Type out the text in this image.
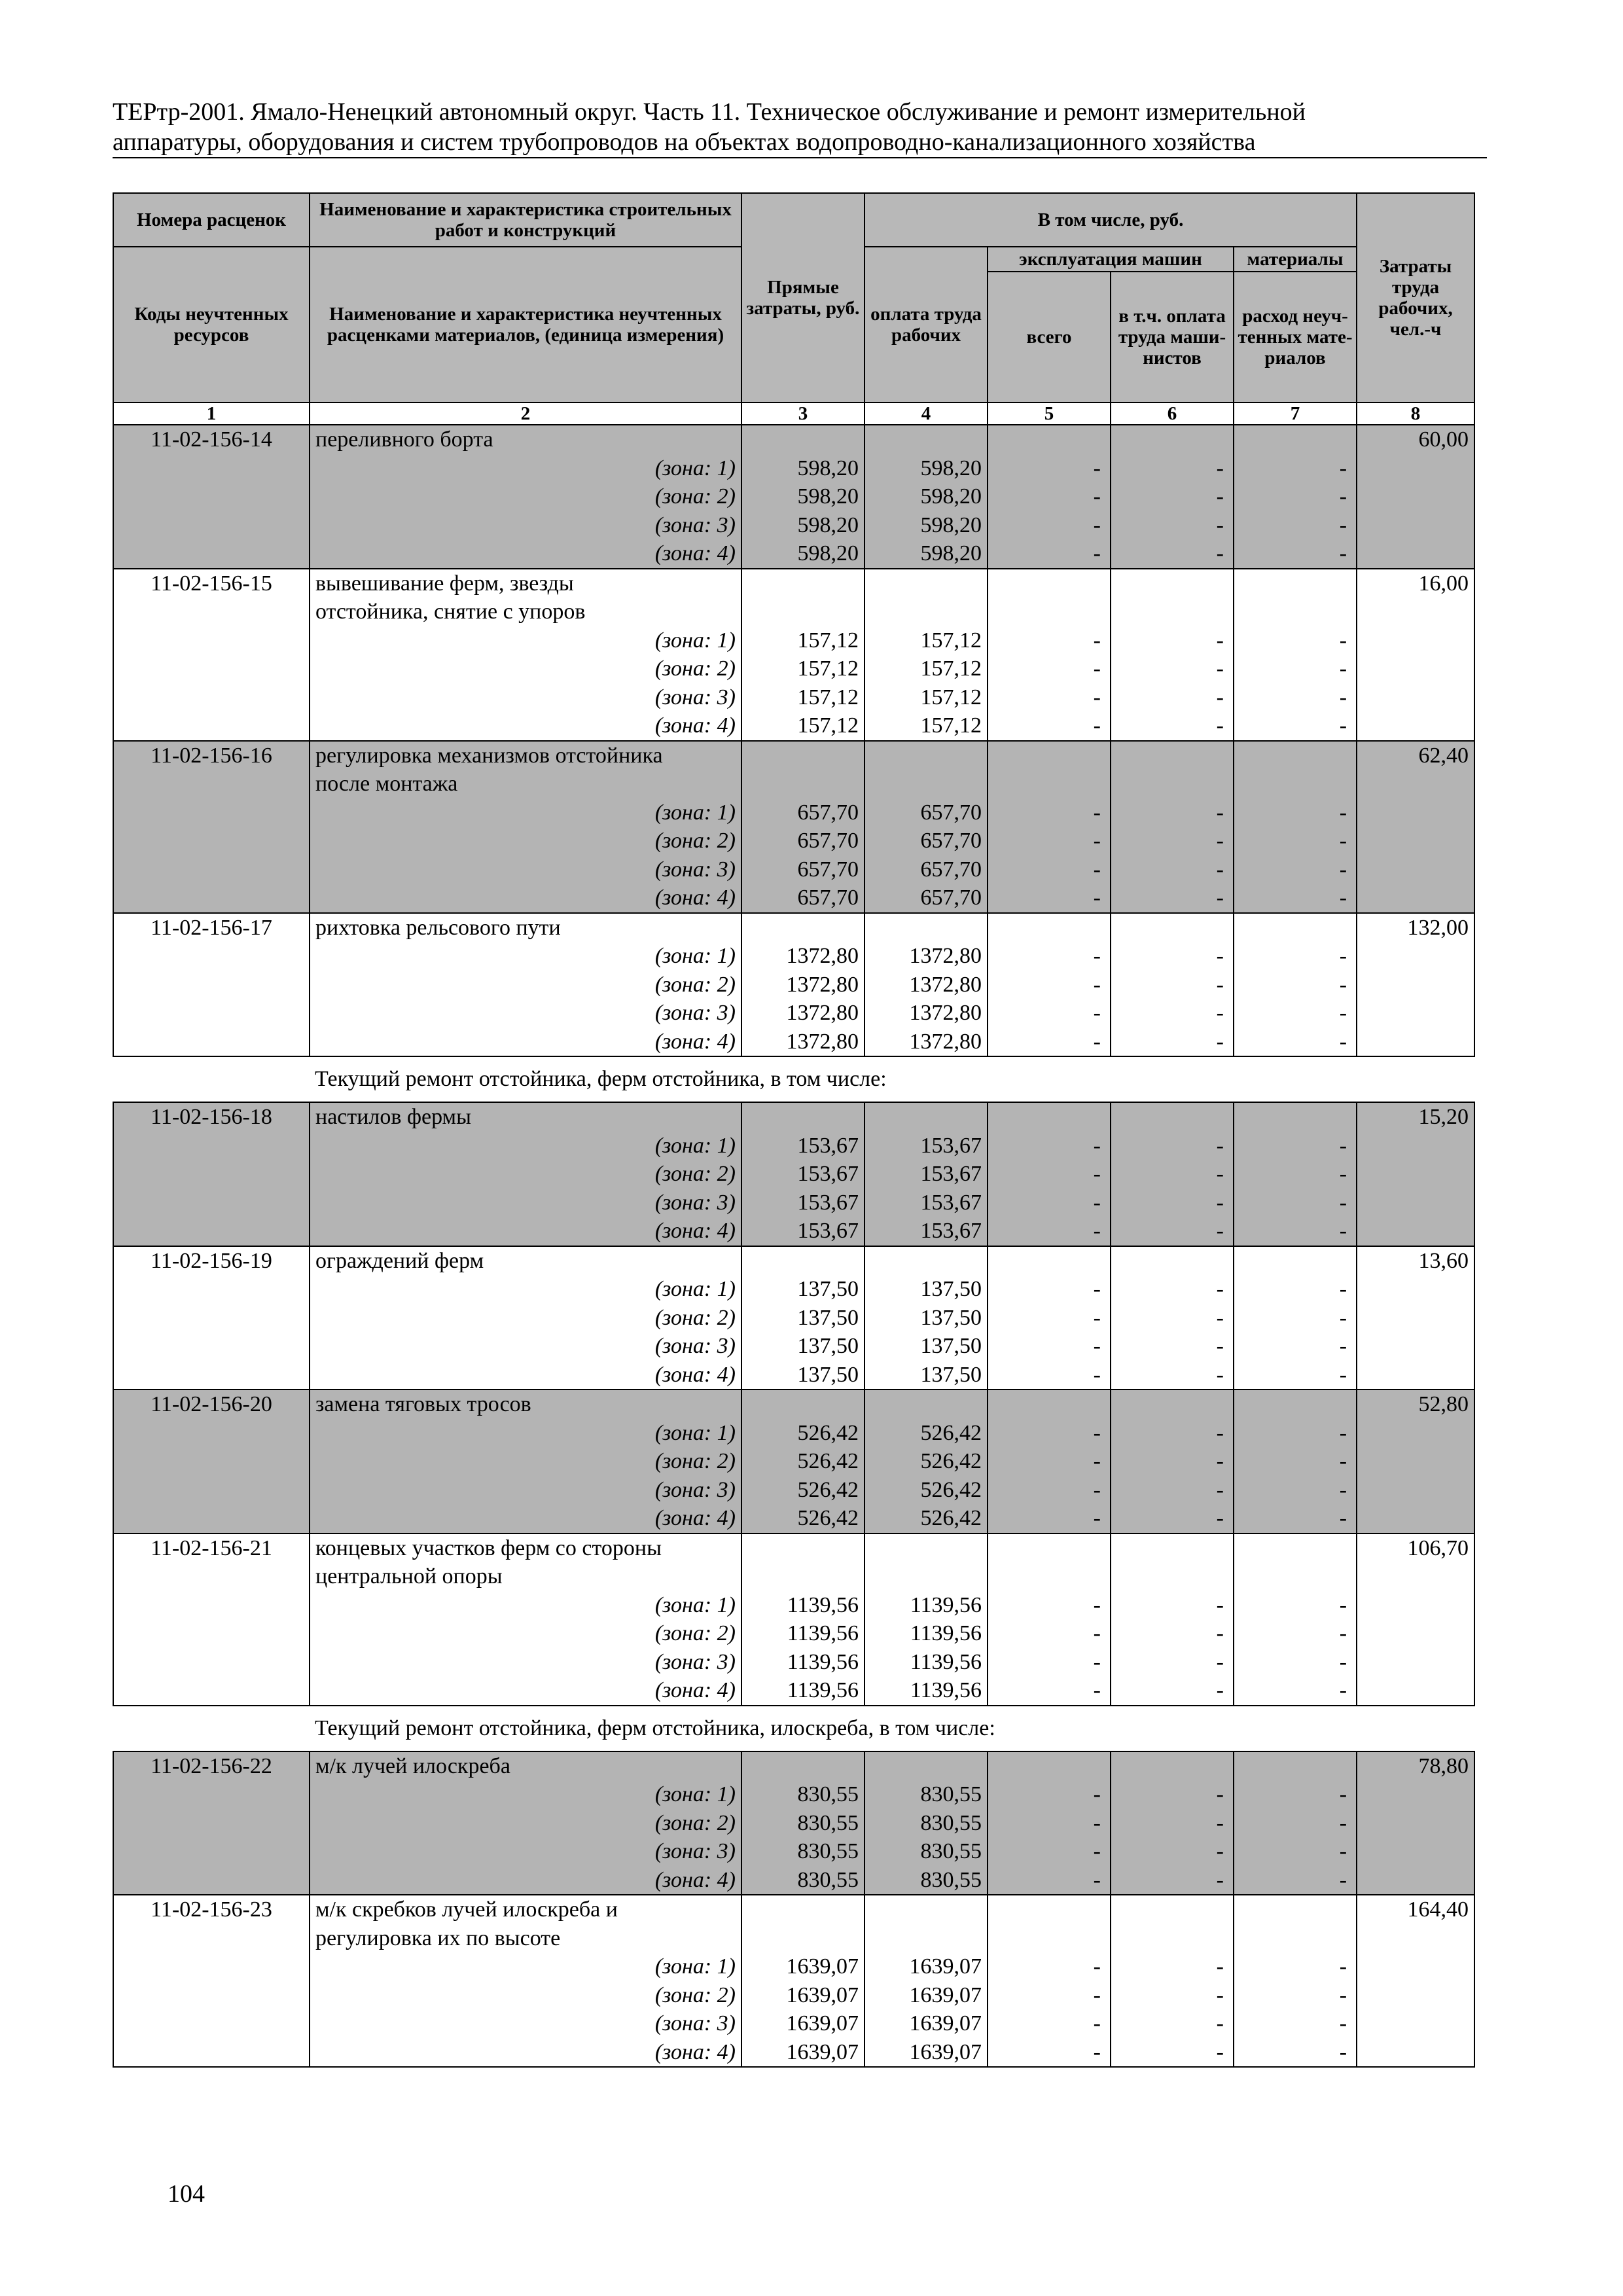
ТЕРтр-2001. Ямало-Ненецкий автономный округ. Часть 11. Техническое обслуживание и ремонт измерительной
аппаратуры, оборудования и систем трубопроводов на объектах водопроводно-канализационного хозяйства
Номера расценок	Наименование и характеристика строительных работ и конструкций	Прямые затраты, руб.	В том числе, руб.				Затраты труда рабочих, чел.-ч
Коды неучтенных ресурсов	Наименование и характеристика неучтенных расценками материалов, (единица измерения)		оплата труда рабочих	эксплуатация машин		материалы	
				всего	в т.ч. оплата труда маши-нистов	расход неуч-тенных мате-риалов	
1	2	3	4	5	6	7	8
11-02-156-14	переливного борта						60,00
	(зона: 1)	598,20	598,20	-	-	-	
	(зона: 2)	598,20	598,20	-	-	-	
	(зона: 3)	598,20	598,20	-	-	-	
	(зона: 4)	598,20	598,20	-	-	-	
11-02-156-15	вывешивание ферм, звезды						16,00
	отстойника, снятие с упоров						
	(зона: 1)	157,12	157,12	-	-	-	
	(зона: 2)	157,12	157,12	-	-	-	
	(зона: 3)	157,12	157,12	-	-	-	
	(зона: 4)	157,12	157,12	-	-	-	
11-02-156-16	регулировка механизмов отстойника						62,40
	после монтажа						
	(зона: 1)	657,70	657,70	-	-	-	
	(зона: 2)	657,70	657,70	-	-	-	
	(зона: 3)	657,70	657,70	-	-	-	
	(зона: 4)	657,70	657,70	-	-	-	
11-02-156-17	рихтовка рельсового пути						132,00
	(зона: 1)	1372,80	1372,80	-	-	-	
	(зона: 2)	1372,80	1372,80	-	-	-	
	(зона: 3)	1372,80	1372,80	-	-	-	
	(зона: 4)	1372,80	1372,80	-	-	-	
	Текущий ремонт отстойника, ферм отстойника, в том числе:						
11-02-156-18	настилов фермы						15,20
	(зона: 1)	153,67	153,67	-	-	-	
	(зона: 2)	153,67	153,67	-	-	-	
	(зона: 3)	153,67	153,67	-	-	-	
	(зона: 4)	153,67	153,67	-	-	-	
11-02-156-19	ограждений ферм						13,60
	(зона: 1)	137,50	137,50	-	-	-	
	(зона: 2)	137,50	137,50	-	-	-	
	(зона: 3)	137,50	137,50	-	-	-	
	(зона: 4)	137,50	137,50	-	-	-	
11-02-156-20	замена тяговых тросов						52,80
	(зона: 1)	526,42	526,42	-	-	-	
	(зона: 2)	526,42	526,42	-	-	-	
	(зона: 3)	526,42	526,42	-	-	-	
	(зона: 4)	526,42	526,42	-	-	-	
11-02-156-21	концевых участков ферм со стороны						106,70
	центральной опоры						
	(зона: 1)	1139,56	1139,56	-	-	-	
	(зона: 2)	1139,56	1139,56	-	-	-	
	(зона: 3)	1139,56	1139,56	-	-	-	
	(зона: 4)	1139,56	1139,56	-	-	-	
	Текущий ремонт отстойника, ферм отстойника, илоскреба, в том числе:						
11-02-156-22	м/к лучей илоскреба						78,80
	(зона: 1)	830,55	830,55	-	-	-	
	(зона: 2)	830,55	830,55	-	-	-	
	(зона: 3)	830,55	830,55	-	-	-	
	(зона: 4)	830,55	830,55	-	-	-	
11-02-156-23	м/к скребков лучей илоскреба и						164,40
	регулировка их по высоте						
	(зона: 1)	1639,07	1639,07	-	-	-	
	(зона: 2)	1639,07	1639,07	-	-	-	
	(зона: 3)	1639,07	1639,07	-	-	-	
	(зона: 4)	1639,07	1639,07	-	-	-	
104
